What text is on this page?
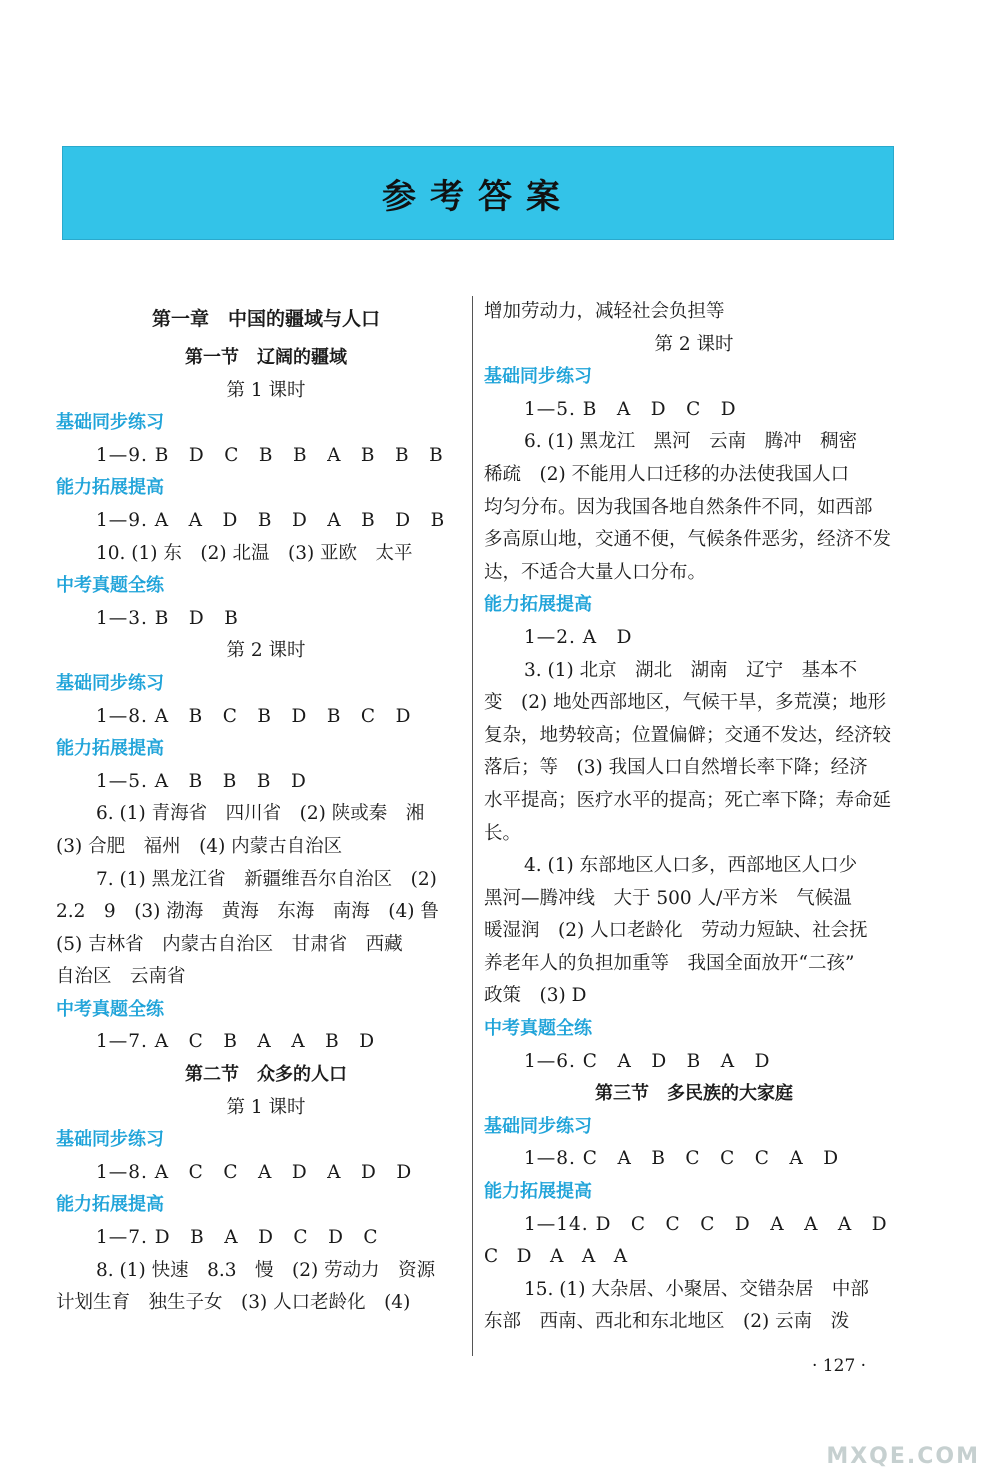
参考答案
第一章　中国的疆域与人口
第一节　辽阔的疆域
第 1 课时
基础同步练习
1—9. B　D　C　B　B　A　B　B　B
能力拓展提高
1—9. A　A　D　B　D　A　B　D　B
10. (1) 东　(2) 北温　(3) 亚欧　太平
中考真题全练
1—3. B　D　B
第 2 课时
基础同步练习
1—8. A　B　C　B　D　B　C　D
能力拓展提高
1—5. A　B　B　B　D
6. (1) 青海省　四川省　(2) 陕或秦　湘
(3) 合肥　福州　(4) 内蒙古自治区
7. (1) 黑龙江省　新疆维吾尔自治区　(2)
2.2　9　(3) 渤海　黄海　东海　南海　(4) 鲁
(5) 吉林省　内蒙古自治区　甘肃省　西藏
自治区　云南省
中考真题全练
1—7. A　C　B　A　A　B　D
第二节　众多的人口
第 1 课时
基础同步练习
1—8. A　C　C　A　D　A　D　D
能力拓展提高
1—7. D　B　A　D　C　D　C
8. (1) 快速　8.3　慢　(2) 劳动力　资源
计划生育　独生子女　(3) 人口老龄化　(4)
增加劳动力，减轻社会负担等
第 2 课时
基础同步练习
1—5. B　A　D　C　D
6. (1) 黑龙江　黑河　云南　腾冲　稠密
稀疏　(2) 不能用人口迁移的办法使我国人口
均匀分布。因为我国各地自然条件不同，如西部
多高原山地，交通不便，气候条件恶劣，经济不发
达，不适合大量人口分布。
能力拓展提高
1—2. A　D
3. (1) 北京　湖北　湖南　辽宁　基本不
变　(2) 地处西部地区，气候干旱，多荒漠；地形
复杂，地势较高；位置偏僻；交通不发达，经济较
落后；等　(3) 我国人口自然增长率下降；经济
水平提高；医疗水平的提高；死亡率下降；寿命延
长。
4. (1) 东部地区人口多，西部地区人口少
黑河—腾冲线　大于 500 人/平方米　气候温
暖湿润　(2) 人口老龄化　劳动力短缺、社会抚
养老年人的负担加重等　我国全面放开“二孩”
政策　(3) D
中考真题全练
1—6. C　A　D　B　A　D
第三节　多民族的大家庭
基础同步练习
1—8. C　A　B　C　C　C　A　D
能力拓展提高
1—14. D　C　C　C　D　A　A　A　D
C　D　A　A　A
15. (1) 大杂居、小聚居、交错杂居　中部
东部　西南、西北和东北地区　(2) 云南　泼
· 127 ·
MXQE.COM
